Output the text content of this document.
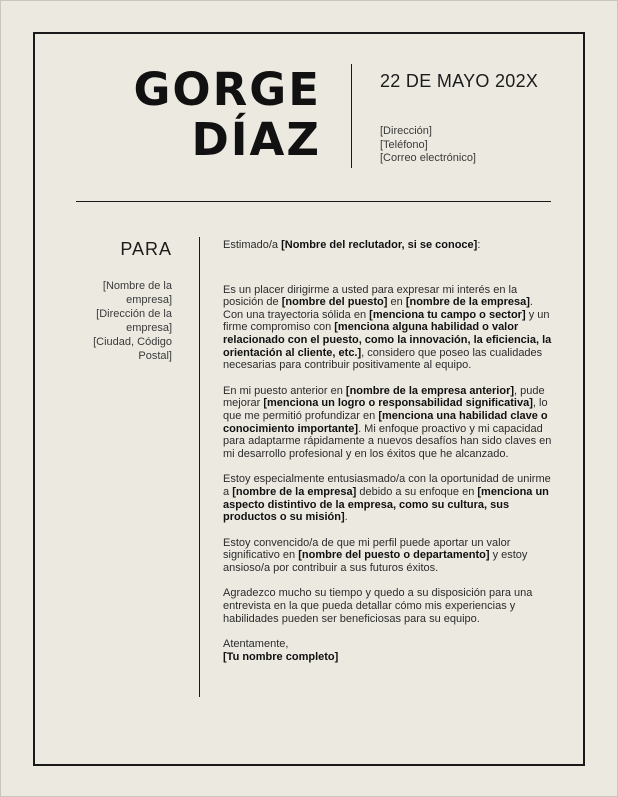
GORGE
DÍAZ
22 DE MAYO 202X
[Dirección]
[Teléfono]
[Correo electrónico]
PARA
[Nombre de la empresa]
[Dirección de la empresa]
[Ciudad, Código Postal]

Estimado/a [Nombre del reclutador, si se conoce]:

Es un placer dirigirme a usted para expresar mi interés en la posición de [nombre del puesto] en [nombre de la empresa]. Con una trayectoria sólida en [menciona tu campo o sector] y un firme compromiso con [menciona alguna habilidad o valor relacionado con el puesto, como la innovación, la eficiencia, la orientación al cliente, etc.], considero que poseo las cualidades necesarias para contribuir positivamente al equipo.

En mi puesto anterior en [nombre de la empresa anterior], pude mejorar [menciona un logro o responsabilidad significativa], lo que me permitió profundizar en [menciona una habilidad clave o conocimiento importante]. Mi enfoque proactivo y mi capacidad para adaptarme rápidamente a nuevos desafíos han sido claves en mi desarrollo profesional y en los éxitos que he alcanzado.

Estoy especialmente entusiasmado/a con la oportunidad de unirme a [nombre de la empresa] debido a su enfoque en [menciona un aspecto distintivo de la empresa, como su cultura, sus productos o su misión].

Estoy convencido/a de que mi perfil puede aportar un valor significativo en [nombre del puesto o departamento] y estoy ansioso/a por contribuir a sus futuros éxitos.

Agradezco mucho su tiempo y quedo a su disposición para una entrevista en la que pueda detallar cómo mis experiencias y habilidades pueden ser beneficiosas para su equipo.

Atentamente,
[Tu nombre completo]
